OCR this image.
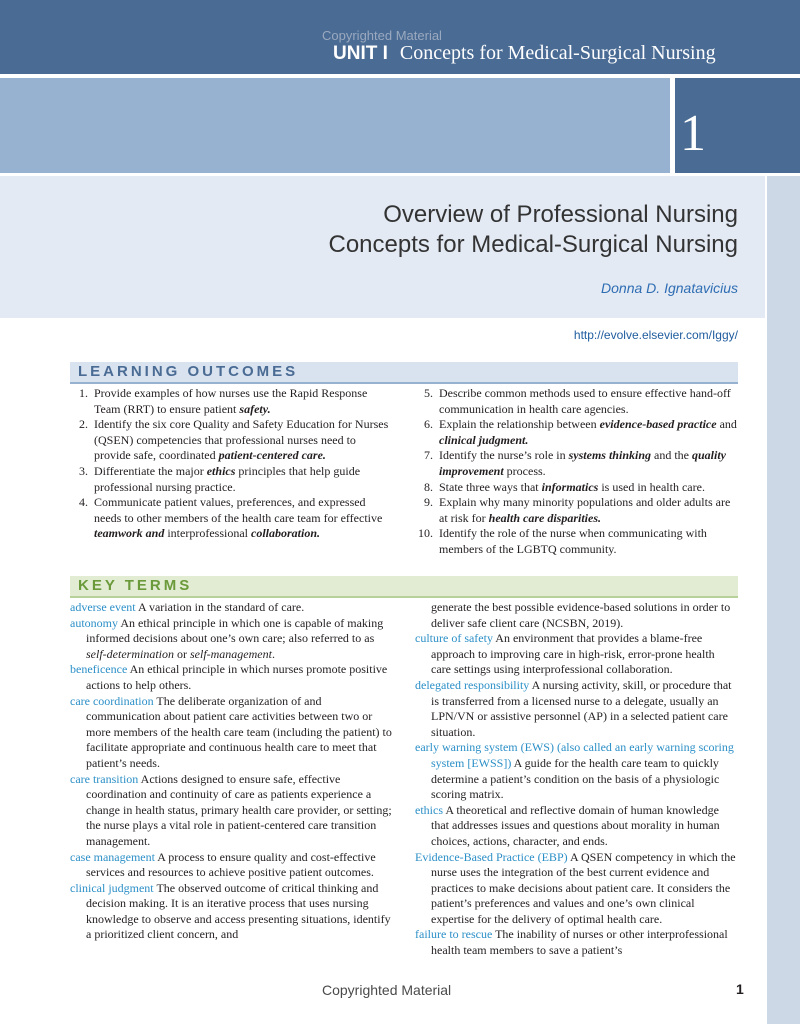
Copyrighted Material
UNIT I Concepts for Medical-Surgical Nursing
1
Overview of Professional Nursing
Concepts for Medical-Surgical Nursing
Donna D. Ignatavicius
http://evolve.elsevier.com/Iggy/
LEARNING OUTCOMES
1. Provide examples of how nurses use the Rapid Response Team (RRT) to ensure patient safety.
2. Identify the six core Quality and Safety Education for Nurses (QSEN) competencies that professional nurses need to provide safe, coordinated patient-centered care.
3. Differentiate the major ethics principles that help guide professional nursing practice.
4. Communicate patient values, preferences, and expressed needs to other members of the health care team for effective teamwork and interprofessional collaboration.
5. Describe common methods used to ensure effective hand-off communication in health care agencies.
6. Explain the relationship between evidence-based practice and clinical judgment.
7. Identify the nurse’s role in systems thinking and the quality improvement process.
8. State three ways that informatics is used in health care.
9. Explain why many minority populations and older adults are at risk for health care disparities.
10. Identify the role of the nurse when communicating with members of the LGBTQ community.
KEY TERMS
adverse event A variation in the standard of care.
autonomy An ethical principle in which one is capable of making informed decisions about one’s own care; also referred to as self-determination or self-management.
beneficence An ethical principle in which nurses promote positive actions to help others.
care coordination The deliberate organization of and communication about patient care activities between two or more members of the health care team (including the patient) to facilitate appropriate and continuous health care to meet that patient’s needs.
care transition Actions designed to ensure safe, effective coordination and continuity of care as patients experience a change in health status, primary health care provider, or setting; the nurse plays a vital role in patient-centered care transition management.
case management A process to ensure quality and cost-effective services and resources to achieve positive patient outcomes.
clinical judgment The observed outcome of critical thinking and decision making. It is an iterative process that uses nursing knowledge to observe and access presenting situations, identify a prioritized client concern, and
generate the best possible evidence-based solutions in order to deliver safe client care (NCSBN, 2019).
culture of safety An environment that provides a blame-free approach to improving care in high-risk, error-prone health care settings using interprofessional collaboration.
delegated responsibility A nursing activity, skill, or procedure that is transferred from a licensed nurse to a delegate, usually an LPN/VN or assistive personnel (AP) in a selected patient care situation.
early warning system (EWS) (also called an early warning scoring system [EWSS]) A guide for the health care team to quickly determine a patient’s condition on the basis of a physiologic scoring matrix.
ethics A theoretical and reflective domain of human knowledge that addresses issues and questions about morality in human choices, actions, character, and ends.
Evidence-Based Practice (EBP) A QSEN competency in which the nurse uses the integration of the best current evidence and practices to make decisions about patient care. It considers the patient’s preferences and values and one’s own clinical expertise for the delivery of optimal health care.
failure to rescue The inability of nurses or other interprofessional health team members to save a patient’s
Copyrighted Material	1
